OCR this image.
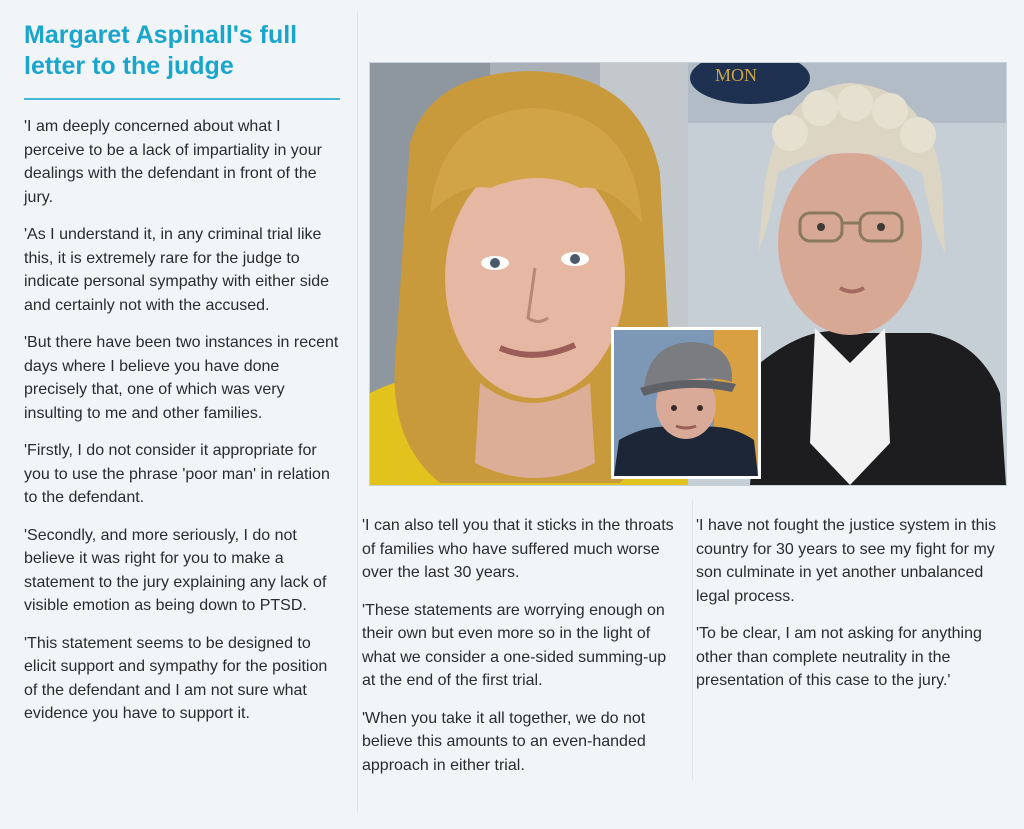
Margaret Aspinall's full letter to the judge

'I am deeply concerned about what I perceive to be a lack of impartiality in your dealings with the defendant in front of the jury.

'As I understand it, in any criminal trial like this, it is extremely rare for the judge to indicate personal sympathy with either side and certainly not with the accused.

'But there have been two instances in recent days where I believe you have done precisely that, one of which was very insulting to me and other families.

'Firstly, I do not consider it appropriate for you to use the phrase 'poor man' in relation to the defendant.

'Secondly, and more seriously, I do not believe it was right for you to make a statement to the jury explaining any lack of visible emotion as being down to PTSD.

'This statement seems to be designed to elicit support and sympathy for the position of the defendant and I am not sure what evidence you have to support it.

MON

'I can also tell you that it sticks in the throats of families who have suffered much worse over the last 30 years.

'These statements are worrying enough on their own but even more so in the light of what we consider a one-sided summing-up at the end of the first trial.

'When you take it all together, we do not believe this amounts to an even-handed approach in either trial.

'I have not fought the justice system in this country for 30 years to see my fight for my son culminate in yet another unbalanced legal process.

'To be clear, I am not asking for anything other than complete neutrality in the presentation of this case to the jury.'
